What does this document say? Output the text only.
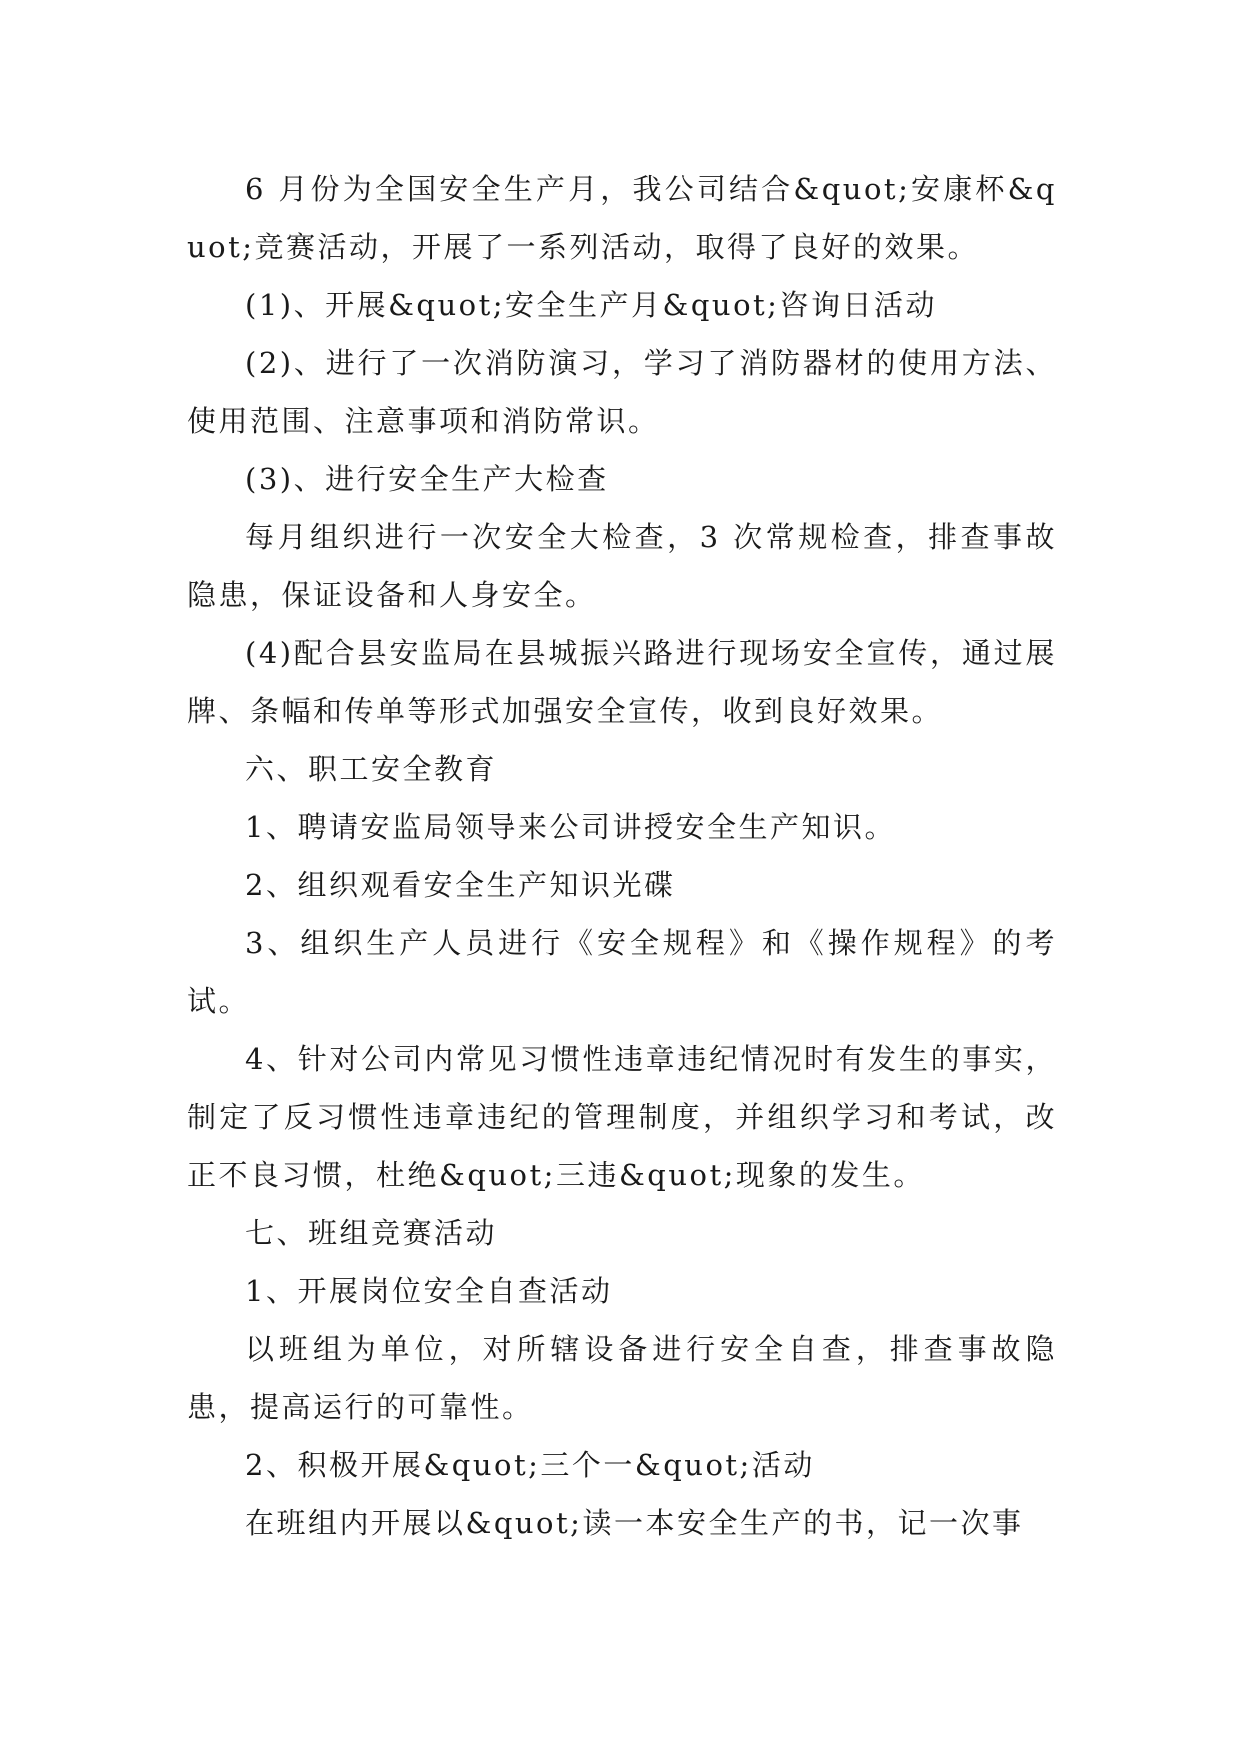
6 月份为全国安全生产月，我公司结合&quot;安康杯&quot;竞赛活动，开展了一系列活动，取得了良好的效果。

(1)、开展&quot;安全生产月&quot;咨询日活动

(2)、进行了一次消防演习，学习了消防器材的使用方法、使用范围、注意事项和消防常识。

(3)、进行安全生产大检查

每月组织进行一次安全大检查，3 次常规检查，排查事故隐患，保证设备和人身安全。

(4)配合县安监局在县城振兴路进行现场安全宣传，通过展牌、条幅和传单等形式加强安全宣传，收到良好效果。

六、职工安全教育

1、聘请安监局领导来公司讲授安全生产知识。

2、组织观看安全生产知识光碟

3、组织生产人员进行《安全规程》和《操作规程》的考试。

4、针对公司内常见习惯性违章违纪情况时有发生的事实，制定了反习惯性违章违纪的管理制度，并组织学习和考试，改正不良习惯，杜绝&quot;三违&quot;现象的发生。

七、班组竞赛活动

1、开展岗位安全自查活动

以班组为单位，对所辖设备进行安全自查，排查事故隐患，提高运行的可靠性。

2、积极开展&quot;三个一&quot;活动

在班组内开展以&quot;读一本安全生产的书，记一次事
